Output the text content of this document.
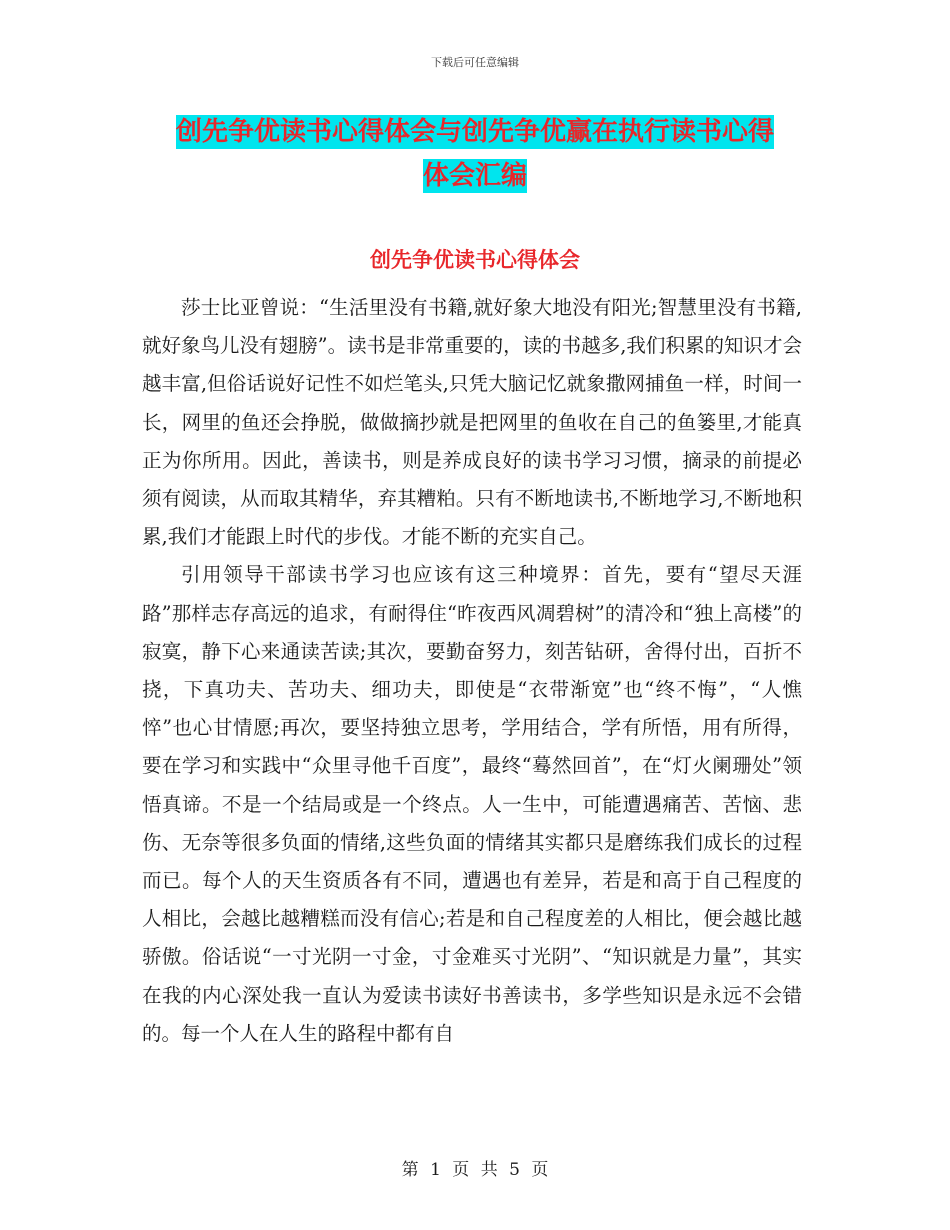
下载后可任意编辑
创先争优读书心得体会与创先争优赢在执行读书心得
体会汇编
创先争优读书心得体会

莎士比亚曾说：“生活里没有书籍,就好象大地没有阳光;智慧里没有书籍,就好象鸟儿没有翅膀”。读书是非常重要的，读的书越多,我们积累的知识才会越丰富,但俗话说好记性不如烂笔头,只凭大脑记忆就象撒网捕鱼一样，时间一长，网里的鱼还会挣脱，做做摘抄就是把网里的鱼收在自己的鱼篓里,才能真正为你所用。因此，善读书，则是养成良好的读书学习习惯，摘录的前提必须有阅读，从而取其精华，弃其糟粕。只有不断地读书,不断地学习,不断地积累,我们才能跟上时代的步伐。才能不断的充实自己。

引用领导干部读书学习也应该有这三种境界：首先，要有“望尽天涯路”那样志存高远的追求，有耐得住“昨夜西风凋碧树”的清冷和“独上高楼”的寂寞，静下心来通读苦读;其次，要勤奋努力，刻苦钻研，舍得付出，百折不挠，下真功夫、苦功夫、细功夫，即使是“衣带渐宽”也“终不悔”，“人憔悴”也心甘情愿;再次，要坚持独立思考，学用结合，学有所悟，用有所得，要在学习和实践中“众里寻他千百度”，最终“蓦然回首”，在“灯火阑珊处”领悟真谛。不是一个结局或是一个终点。人一生中，可能遭遇痛苦、苦恼、悲伤、无奈等很多负面的情绪,这些负面的情绪其实都只是磨练我们成长的过程而已。每个人的天生资质各有不同，遭遇也有差异，若是和高于自己程度的人相比，会越比越糟糕而没有信心;若是和自己程度差的人相比，便会越比越骄傲。俗话说“一寸光阴一寸金，寸金难买寸光阴”、“知识就是力量”，其实在我的内心深处我一直认为爱读书读好书善读书，多学些知识是永远不会错的。每一个人在人生的路程中都有自

第 1 页 共 5 页
